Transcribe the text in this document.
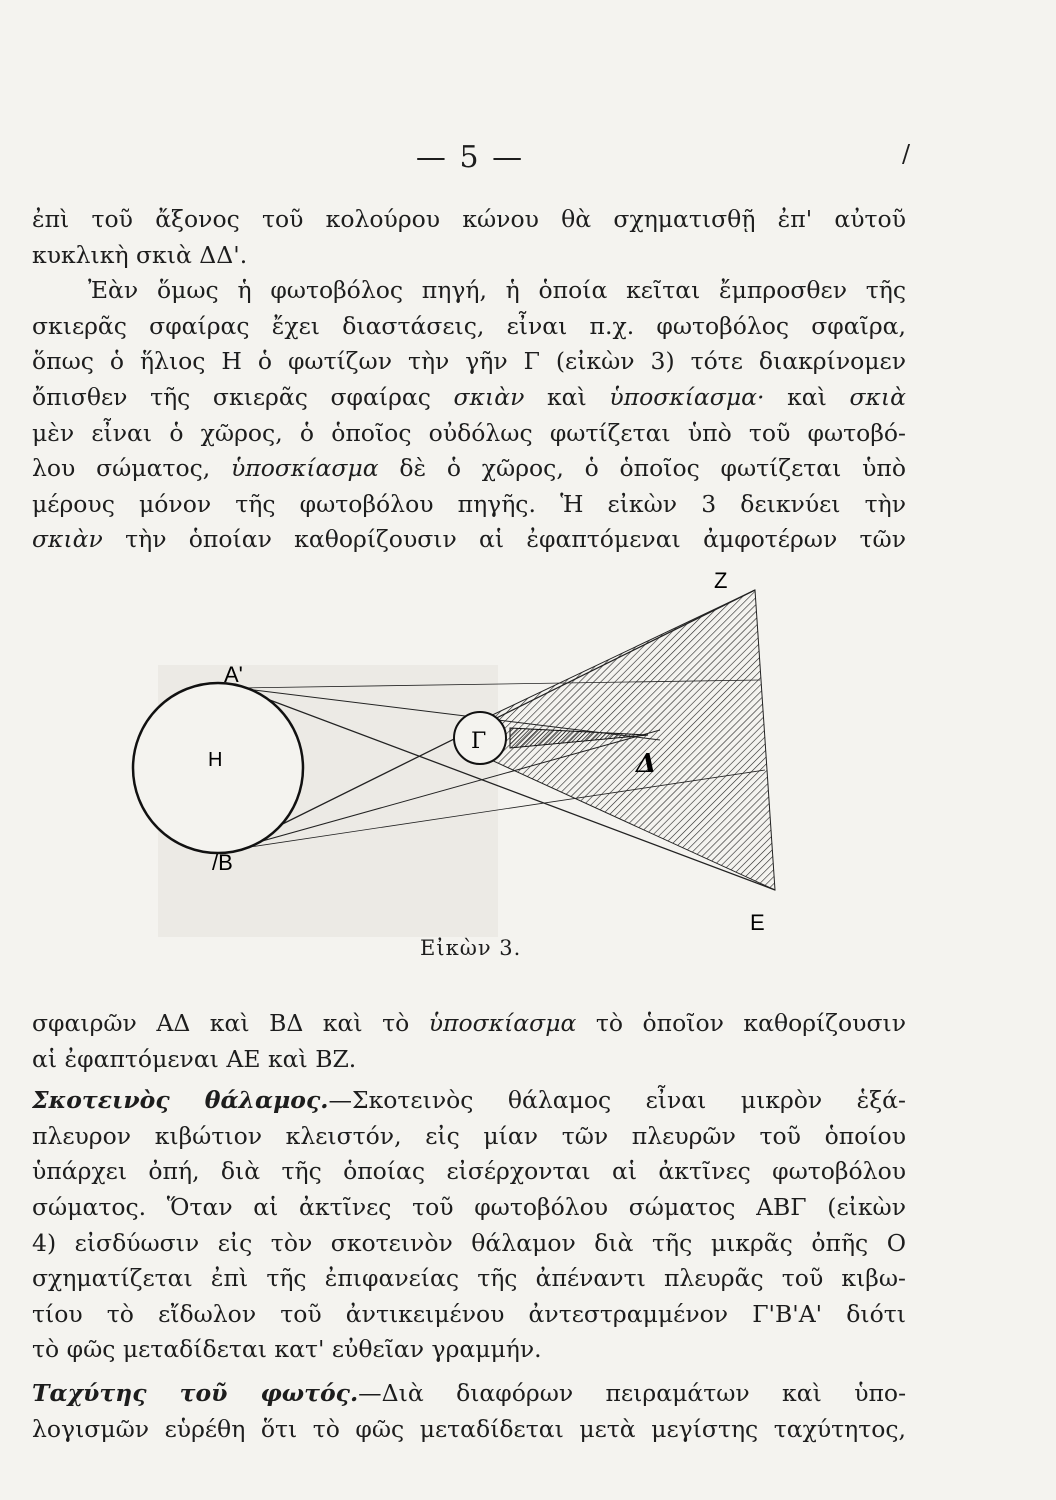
— 5 —	/
ἐπὶ τοῦ ἄξονος τοῦ κολούρου κώνου θὰ σχηματισθῇ ἐπ' αὐτοῦ
κυκλικὴ σκιὰ ΔΔ'.
Ἐὰν ὅμως ἡ φωτοβόλος πηγή, ἡ ὁποία κεῖται ἔμπροσθεν τῆς
σκιερᾶς σφαίρας ἔχει διαστάσεις, εἶναι π.χ. φωτοβόλος σφαῖρα,
ὅπως ὁ ἥλιος Η ὁ φωτίζων τὴν γῆν Γ (εἰκὼν 3) τότε διακρίνομεν
ὄπισθεν τῆς σκιερᾶς σφαίρας σκιὰν καὶ ὑποσκίασμα· καὶ σκιὰ
μὲν εἶναι ὁ χῶρος, ὁ ὁποῖος οὐδόλως φωτίζεται ὑπὸ τοῦ φωτοβό-
λου σώματος, ὑποσκίασμα δὲ ὁ χῶρος, ὁ ὁποῖος φωτίζεται ὑπὸ
μέρους μόνον τῆς φωτοβόλου πηγῆς. Ἡ εἰκὼν 3 δεικνύει τὴν
σκιὰν τὴν ὁποίαν καθορίζουσιν αἱ ἐφαπτόμεναι ἀμφοτέρων τῶν
H
Γ
A'
/B
Z
Δ
E
Εἰκὼν 3.
σφαιρῶν ΑΔ καὶ ΒΔ καὶ τὸ ὑποσκίασμα τὸ ὁποῖον καθορίζουσιν
αἱ ἐφαπτόμεναι ΑΕ καὶ ΒΖ.
Σκοτεινὸς θάλαμος.—Σκοτεινὸς θάλαμος εἶναι μικρὸν ἑξά-
πλευρον κιβώτιον κλειστόν, εἰς μίαν τῶν πλευρῶν τοῦ ὁποίου
ὑπάρχει ὀπή, διὰ τῆς ὁποίας εἰσέρχονται αἱ ἀκτῖνες φωτοβόλου
σώματος. Ὅταν αἱ ἀκτῖνες τοῦ φωτοβόλου σώματος ΑΒΓ (εἰκὼν
4) εἰσδύωσιν εἰς τὸν σκοτεινὸν θάλαμον διὰ τῆς μικρᾶς ὀπῆς Ο
σχηματίζεται ἐπὶ τῆς ἐπιφανείας τῆς ἀπέναντι πλευρᾶς τοῦ κιβω-
τίου τὸ εἴδωλον τοῦ ἀντικειμένου ἀντεστραμμένον Γ'Β'Α' διότι
τὸ φῶς μεταδίδεται κατ' εὐθεῖαν γραμμήν.
Ταχύτης τοῦ φωτός.—Διὰ διαφόρων πειραμάτων καὶ ὑπο-
λογισμῶν εὑρέθη ὅτι τὸ φῶς μεταδίδεται μετὰ μεγίστης ταχύτητος,
